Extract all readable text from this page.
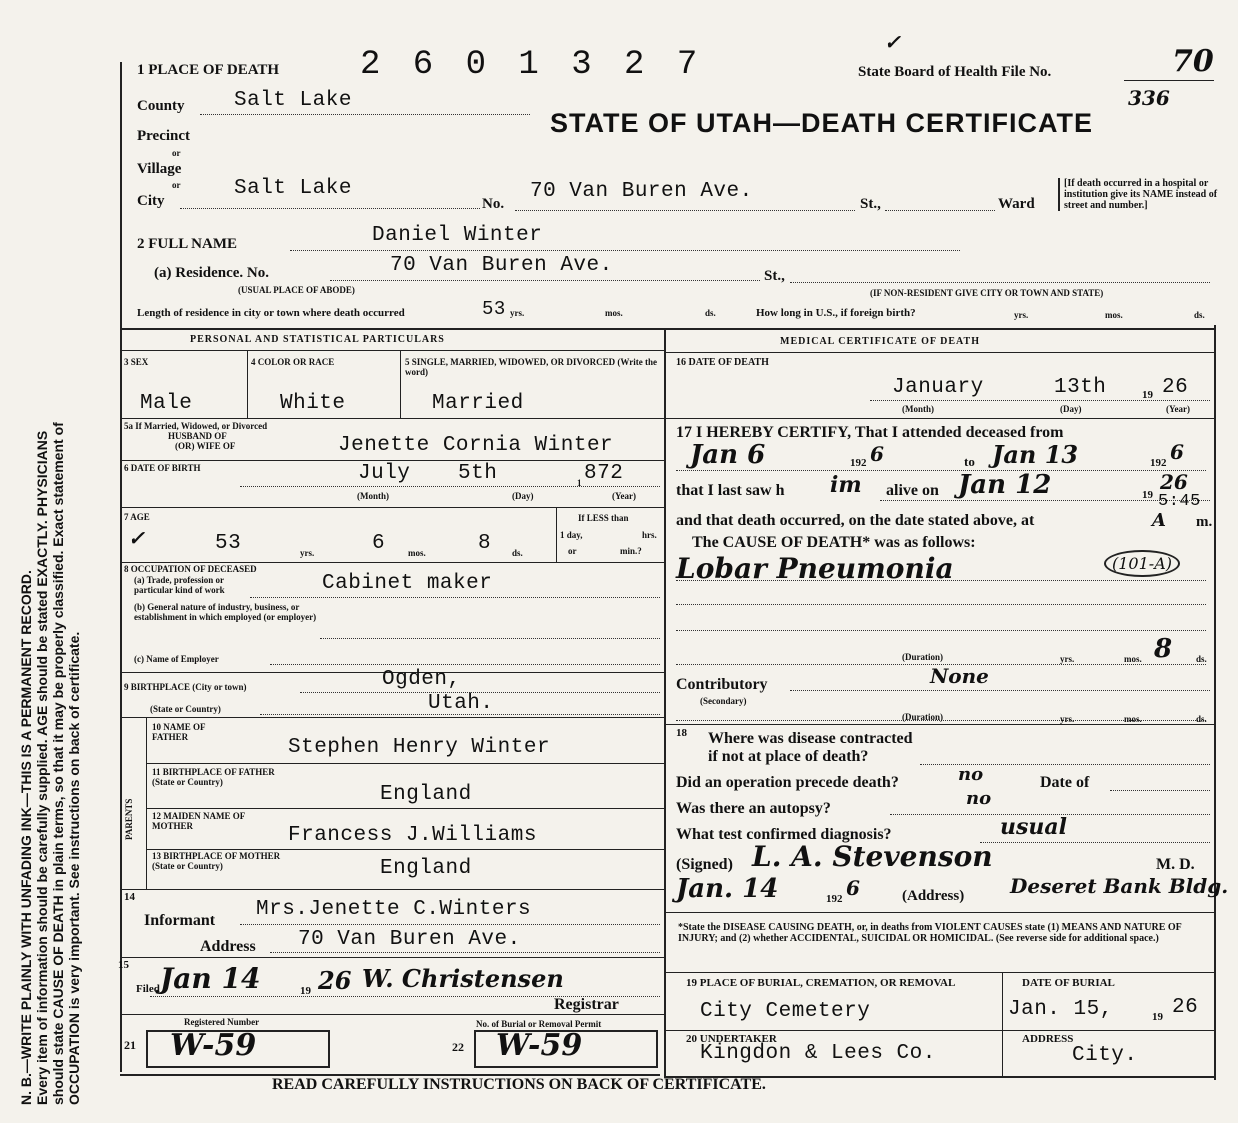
N. B.—WRITE PLAINLY WITH UNFADING INK—THIS IS A PERMANENT RECORD. Every item of information should be carefully supplied. AGE should be stated EXACTLY. PHYSICIANS should state CAUSE OF DEATH in plain terms, so that it may be properly classified. Exact statement of OCCUPATION is very important. See instructions on back of certificate.
1 PLACE OF DEATH 2 6 0 1 3 2 7
✓
State Board of Health File No.	70
336
STATE OF UTAH—DEATH CERTIFICATE
County Salt Lake
Precinct
or
Village
or
City
Salt Lake
No.
70 Van Buren Ave.
St.,	Ward
[If death occurred in a hospital or institution give its NAME instead of street and number.]
2 FULL NAME	Daniel Winter
(a) Residence. No.
(USUAL PLACE OF ABODE)
70 Van Buren Ave.	St.,
(IF NON-RESIDENT GIVE CITY OR TOWN AND STATE)
Length of residence in city or town where death occurred	53 yrs.	mos.	ds.	How long in U.S., if foreign birth?	yrs.	mos.	ds.
PERSONAL AND STATISTICAL PARTICULARS
3 SEX	4 COLOR OR RACE	5 SINGLE, MARRIED, WIDOWED, OR DIVORCED (Write the word)
Male	White	Married
5a If Married, Widowed, or Divorced
HUSBAND OF
(OR) WIFE OF	Jenette Cornia Winter
6 DATE OF BIRTH	July 5th	1 872
(Month)	(Day)	(Year)
7 AGE
✓	53	yrs.	6	mos. 8 ds.
If LESS than
1 day,	hrs.
or	min.?
8 OCCUPATION OF DECEASED
(a) Trade, profession or particular kind of work	Cabinet maker
(b) General nature of industry, business, or establishment in which employed (or employer)
(c) Name of Employer
9 BIRTHPLACE (City or town)	Ogden,
(State or Country)	Utah.
PARENTS
10 NAME OF FATHER	Stephen Henry Winter
11 BIRTHPLACE OF FATHER (State or Country)
England
12 MAIDEN NAME OF MOTHER	Francess J.Williams
13 BIRTHPLACE OF MOTHER (State or Country)	England
14
Informant Mrs.Jenette C.Winters
Address 70 Van Buren Ave.
15
Filed Jan 14	19 26 W. Christensen
Registrar
Registered Number	No. of Burial or Removal Permit
21 W-59	22 W-59
MEDICAL CERTIFICATE OF DEATH
16 DATE OF DEATH
January	13th	19 26
(Month)	(Day)	(Year)
17 I HEREBY CERTIFY, That I attended deceased from
Jan 6	192 6	to Jan 13	192 6
that I last saw h im alive on Jan 12	19
26
5:45
and that death occurred, on the date stated above, at	A m.
The CAUSE OF DEATH* was as follows:
Lobar Pneumonia	(101-A)
(Duration)	yrs.	mos. 8	ds.
Contributory
(Secondary)
None
(Duration)	yrs.	mos.	ds.
18 Where was disease contracted
if not at place of death?
Did an operation precede death?	no	Date of
Was there an autopsy?	no
What test confirmed diagnosis?	usual
(Signed) L. A. Stevenson	M. D.
Jan. 14	192 6	(Address) Deseret Bank Bldg.
*State the DISEASE CAUSING DEATH, or, in deaths from VIOLENT CAUSES state (1) MEANS AND NATURE OF INJURY; and (2) whether ACCIDENTAL, SUICIDAL OR HOMICIDAL. (See reverse side for additional space.)
19 PLACE OF BURIAL, CREMATION, OR REMOVAL
City Cemetery
DATE OF BURIAL
Jan. 15,	19 26
20 UNDERTAKER
Kingdon & Lees Co.
ADDRESS
City.
READ CAREFULLY INSTRUCTIONS ON BACK OF CERTIFICATE.
